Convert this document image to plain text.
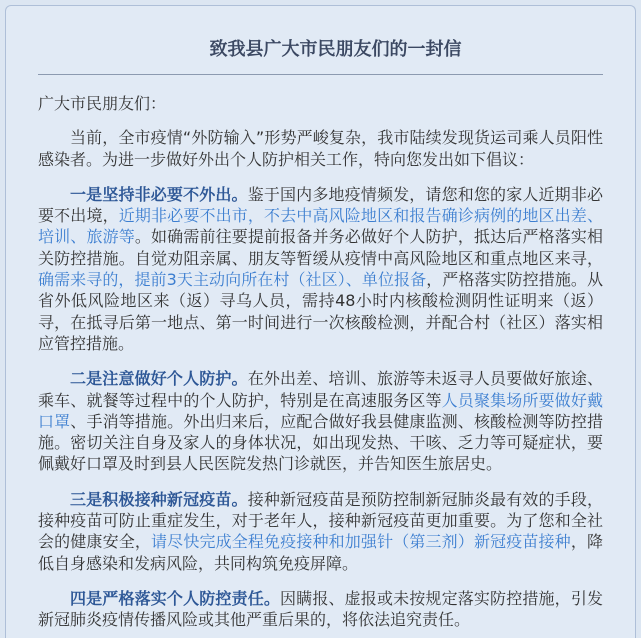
致我县广大市民朋友们的一封信

广大市民朋友们：

当前，全市疫情“外防输入”形势严峻复杂，我市陆续发现货运司乘人员阳性感染者。为进一步做好外出个人防护相关工作，特向您发出如下倡议：

一是坚持非必要不外出。鉴于国内多地疫情频发，请您和您的家人近期非必要不出境，近期非必要不出市，不去中高风险地区和报告确诊病例的地区出差、培训、旅游等。如确需前往要提前报备并务必做好个人防护，抵达后严格落实相关防控措施。自觉劝阻亲属、朋友等暂缓从疫情中高风险地区和重点地区来寻，确需来寻的，提前3天主动向所在村（社区）、单位报备，严格落实防控措施。从省外低风险地区来（返）寻乌人员，需持48小时内核酸检测阴性证明来（返）寻，在抵寻后第一地点、第一时间进行一次核酸检测，并配合村（社区）落实相应管控措施。

二是注意做好个人防护。在外出差、培训、旅游等未返寻人员要做好旅途、乘车、就餐等过程中的个人防护，特别是在高速服务区等人员聚集场所要做好戴口罩、手消等措施。外出归来后，应配合做好我县健康监测、核酸检测等防控措施。密切关注自身及家人的身体状况，如出现发热、干咳、乏力等可疑症状，要佩戴好口罩及时到县人民医院发热门诊就医，并告知医生旅居史。

三是积极接种新冠疫苗。接种新冠疫苗是预防控制新冠肺炎最有效的手段，接种疫苗可防止重症发生，对于老年人，接种新冠疫苗更加重要。为了您和全社会的健康安全，请尽快完成全程免疫接种和加强针（第三剂）新冠疫苗接种，降低自身感染和发病风险，共同构筑免疫屏障。

四是严格落实个人防控责任。因瞒报、虚报或未按规定落实防控措施，引发新冠肺炎疫情传播风险或其他严重后果的，将依法追究责任。
